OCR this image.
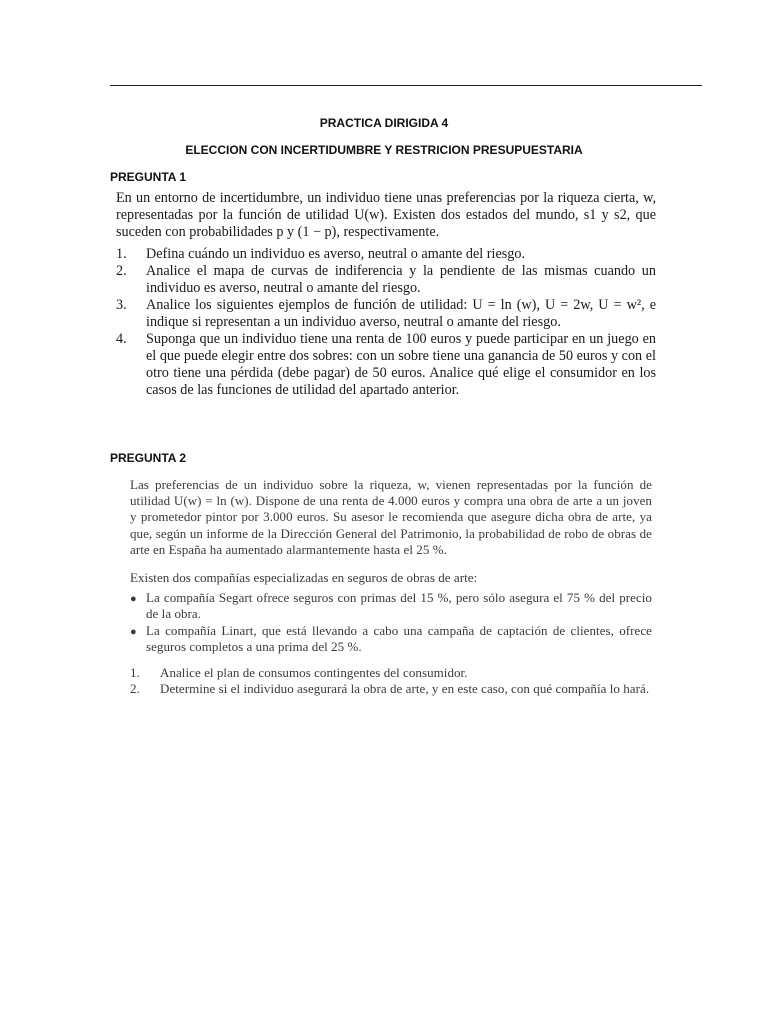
PRACTICA DIRIGIDA 4
ELECCION CON INCERTIDUMBRE Y RESTRICION PRESUPUESTARIA
PREGUNTA 1

En un entorno de incertidumbre, un individuo tiene unas preferencias por la riqueza cierta, w, representadas por la función de utilidad U(w). Existen dos estados del mundo, s1 y s2, que suceden con probabilidades p y (1 − p), respectivamente.

1.	Defina cuándo un individuo es averso, neutral o amante del riesgo.
2.	Analice el mapa de curvas de indiferencia y la pendiente de las mismas cuando un individuo es averso, neutral o amante del riesgo.
3.	Analice los siguientes ejemplos de función de utilidad: U = ln (w), U = 2w, U = w², e indique si representan a un individuo averso, neutral o amante del riesgo.
4.	Suponga que un individuo tiene una renta de 100 euros y puede participar en un juego en el que puede elegir entre dos sobres: con un sobre tiene una ganancia de 50 euros y con el otro tiene una pérdida (debe pagar) de 50 euros. Analice qué elige el consumidor en los casos de las funciones de utilidad del apartado anterior.
PREGUNTA 2

Las preferencias de un individuo sobre la riqueza, w, vienen representadas por la función de utilidad U(w) = ln (w). Dispone de una renta de 4.000 euros y compra una obra de arte a un joven y prometedor pintor por 3.000 euros. Su asesor le recomienda que asegure dicha obra de arte, ya que, según un informe de la Dirección General del Patrimonio, la probabilidad de robo de obras de arte en España ha aumentado alarmantemente hasta el 25 %.

Existen dos compañías especializadas en seguros de obras de arte:

● La compañía Segart ofrece seguros con primas del 15 %, pero sólo asegura el 75 % del precio de la obra.
● La compañía Linart, que está llevando a cabo una campaña de captación de clientes, ofrece seguros completos a una prima del 25 %.
1.	Analice el plan de consumos contingentes del consumidor.
2.	Determine si el individuo asegurará la obra de arte, y en este caso, con qué compañía lo hará.
